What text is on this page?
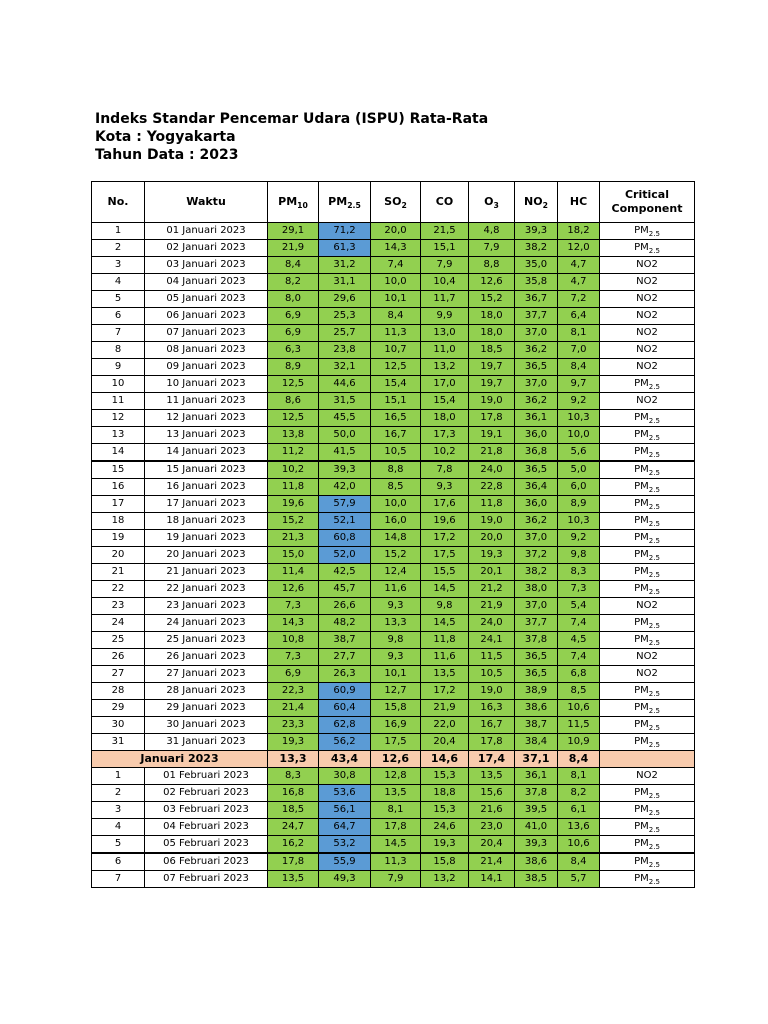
Indeks Standar Pencemar Udara (ISPU) Rata-Rata
Kota : Yogyakarta
Tahun Data : 2023
No.	Waktu	$PM_{10}$	$PM_{2.5}$	$SO_2$	CO	$O_3$	$NO_2$	HC	Critical Component
1	01 Januari 2023	29,1	71,2	20,0	21,5	4,8	39,3	18,2	$PM_{2.5}$
2	02 Januari 2023	21,9	61,3	14,3	15,1	7,9	38,2	12,0	$PM_{2.5}$
3	03 Januari 2023	8,4	31,2	7,4	7,9	8,8	35,0	4,7	NO2
4	04 Januari 2023	8,2	31,1	10,0	10,4	12,6	35,8	4,7	NO2
5	05 Januari 2023	8,0	29,6	10,1	11,7	15,2	36,7	7,2	NO2
6	06 Januari 2023	6,9	25,3	8,4	9,9	18,0	37,7	6,4	NO2
7	07 Januari 2023	6,9	25,7	11,3	13,0	18,0	37,0	8,1	NO2
8	08 Januari 2023	6,3	23,8	10,7	11,0	18,5	36,2	7,0	NO2
9	09 Januari 2023	8,9	32,1	12,5	13,2	19,7	36,5	8,4	NO2
10	10 Januari 2023	12,5	44,6	15,4	17,0	19,7	37,0	9,7	$PM_{2.5}$
11	11 Januari 2023	8,6	31,5	15,1	15,4	19,0	36,2	9,2	NO2
12	12 Januari 2023	12,5	45,5	16,5	18,0	17,8	36,1	10,3	$PM_{2.5}$
13	13 Januari 2023	13,8	50,0	16,7	17,3	19,1	36,0	10,0	$PM_{2.5}$
14	14 Januari 2023	11,2	41,5	10,5	10,2	21,8	36,8	5,6	$PM_{2.5}$
15	15 Januari 2023	10,2	39,3	8,8	7,8	24,0	36,5	5,0	$PM_{2.5}$
16	16 Januari 2023	11,8	42,0	8,5	9,3	22,8	36,4	6,0	$PM_{2.5}$
17	17 Januari 2023	19,6	57,9	10,0	17,6	11,8	36,0	8,9	$PM_{2.5}$
18	18 Januari 2023	15,2	52,1	16,0	19,6	19,0	36,2	10,3	$PM_{2.5}$
19	19 Januari 2023	21,3	60,8	14,8	17,2	20,0	37,0	9,2	$PM_{2.5}$
20	20 Januari 2023	15,0	52,0	15,2	17,5	19,3	37,2	9,8	$PM_{2.5}$
21	21 Januari 2023	11,4	42,5	12,4	15,5	20,1	38,2	8,3	$PM_{2.5}$
22	22 Januari 2023	12,6	45,7	11,6	14,5	21,2	38,0	7,3	$PM_{2.5}$
23	23 Januari 2023	7,3	26,6	9,3	9,8	21,9	37,0	5,4	NO2
24	24 Januari 2023	14,3	48,2	13,3	14,5	24,0	37,7	7,4	$PM_{2.5}$
25	25 Januari 2023	10,8	38,7	9,8	11,8	24,1	37,8	4,5	$PM_{2.5}$
26	26 Januari 2023	7,3	27,7	9,3	11,6	11,5	36,5	7,4	NO2
27	27 Januari 2023	6,9	26,3	10,1	13,5	10,5	36,5	6,8	NO2
28	28 Januari 2023	22,3	60,9	12,7	17,2	19,0	38,9	8,5	$PM_{2.5}$
29	29 Januari 2023	21,4	60,4	15,8	21,9	16,3	38,6	10,6	$PM_{2.5}$
30	30 Januari 2023	23,3	62,8	16,9	22,0	16,7	38,7	11,5	$PM_{2.5}$
31	31 Januari 2023	19,3	56,2	17,5	20,4	17,8	38,4	10,9	$PM_{2.5}$
Januari 2023		13,3	43,4	12,6	14,6	17,4	37,1	8,4	
1	01 Februari 2023	8,3	30,8	12,8	15,3	13,5	36,1	8,1	NO2
2	02 Februari 2023	16,8	53,6	13,5	18,8	15,6	37,8	8,2	$PM_{2.5}$
3	03 Februari 2023	18,5	56,1	8,1	15,3	21,6	39,5	6,1	$PM_{2.5}$
4	04 Februari 2023	24,7	64,7	17,8	24,6	23,0	41,0	13,6	$PM_{2.5}$
5	05 Februari 2023	16,2	53,2	14,5	19,3	20,4	39,3	10,6	$PM_{2.5}$
6	06 Februari 2023	17,8	55,9	11,3	15,8	21,4	38,6	8,4	$PM_{2.5}$
7	07 Februari 2023	13,5	49,3	7,9	13,2	14,1	38,5	5,7	$PM_{2.5}$
